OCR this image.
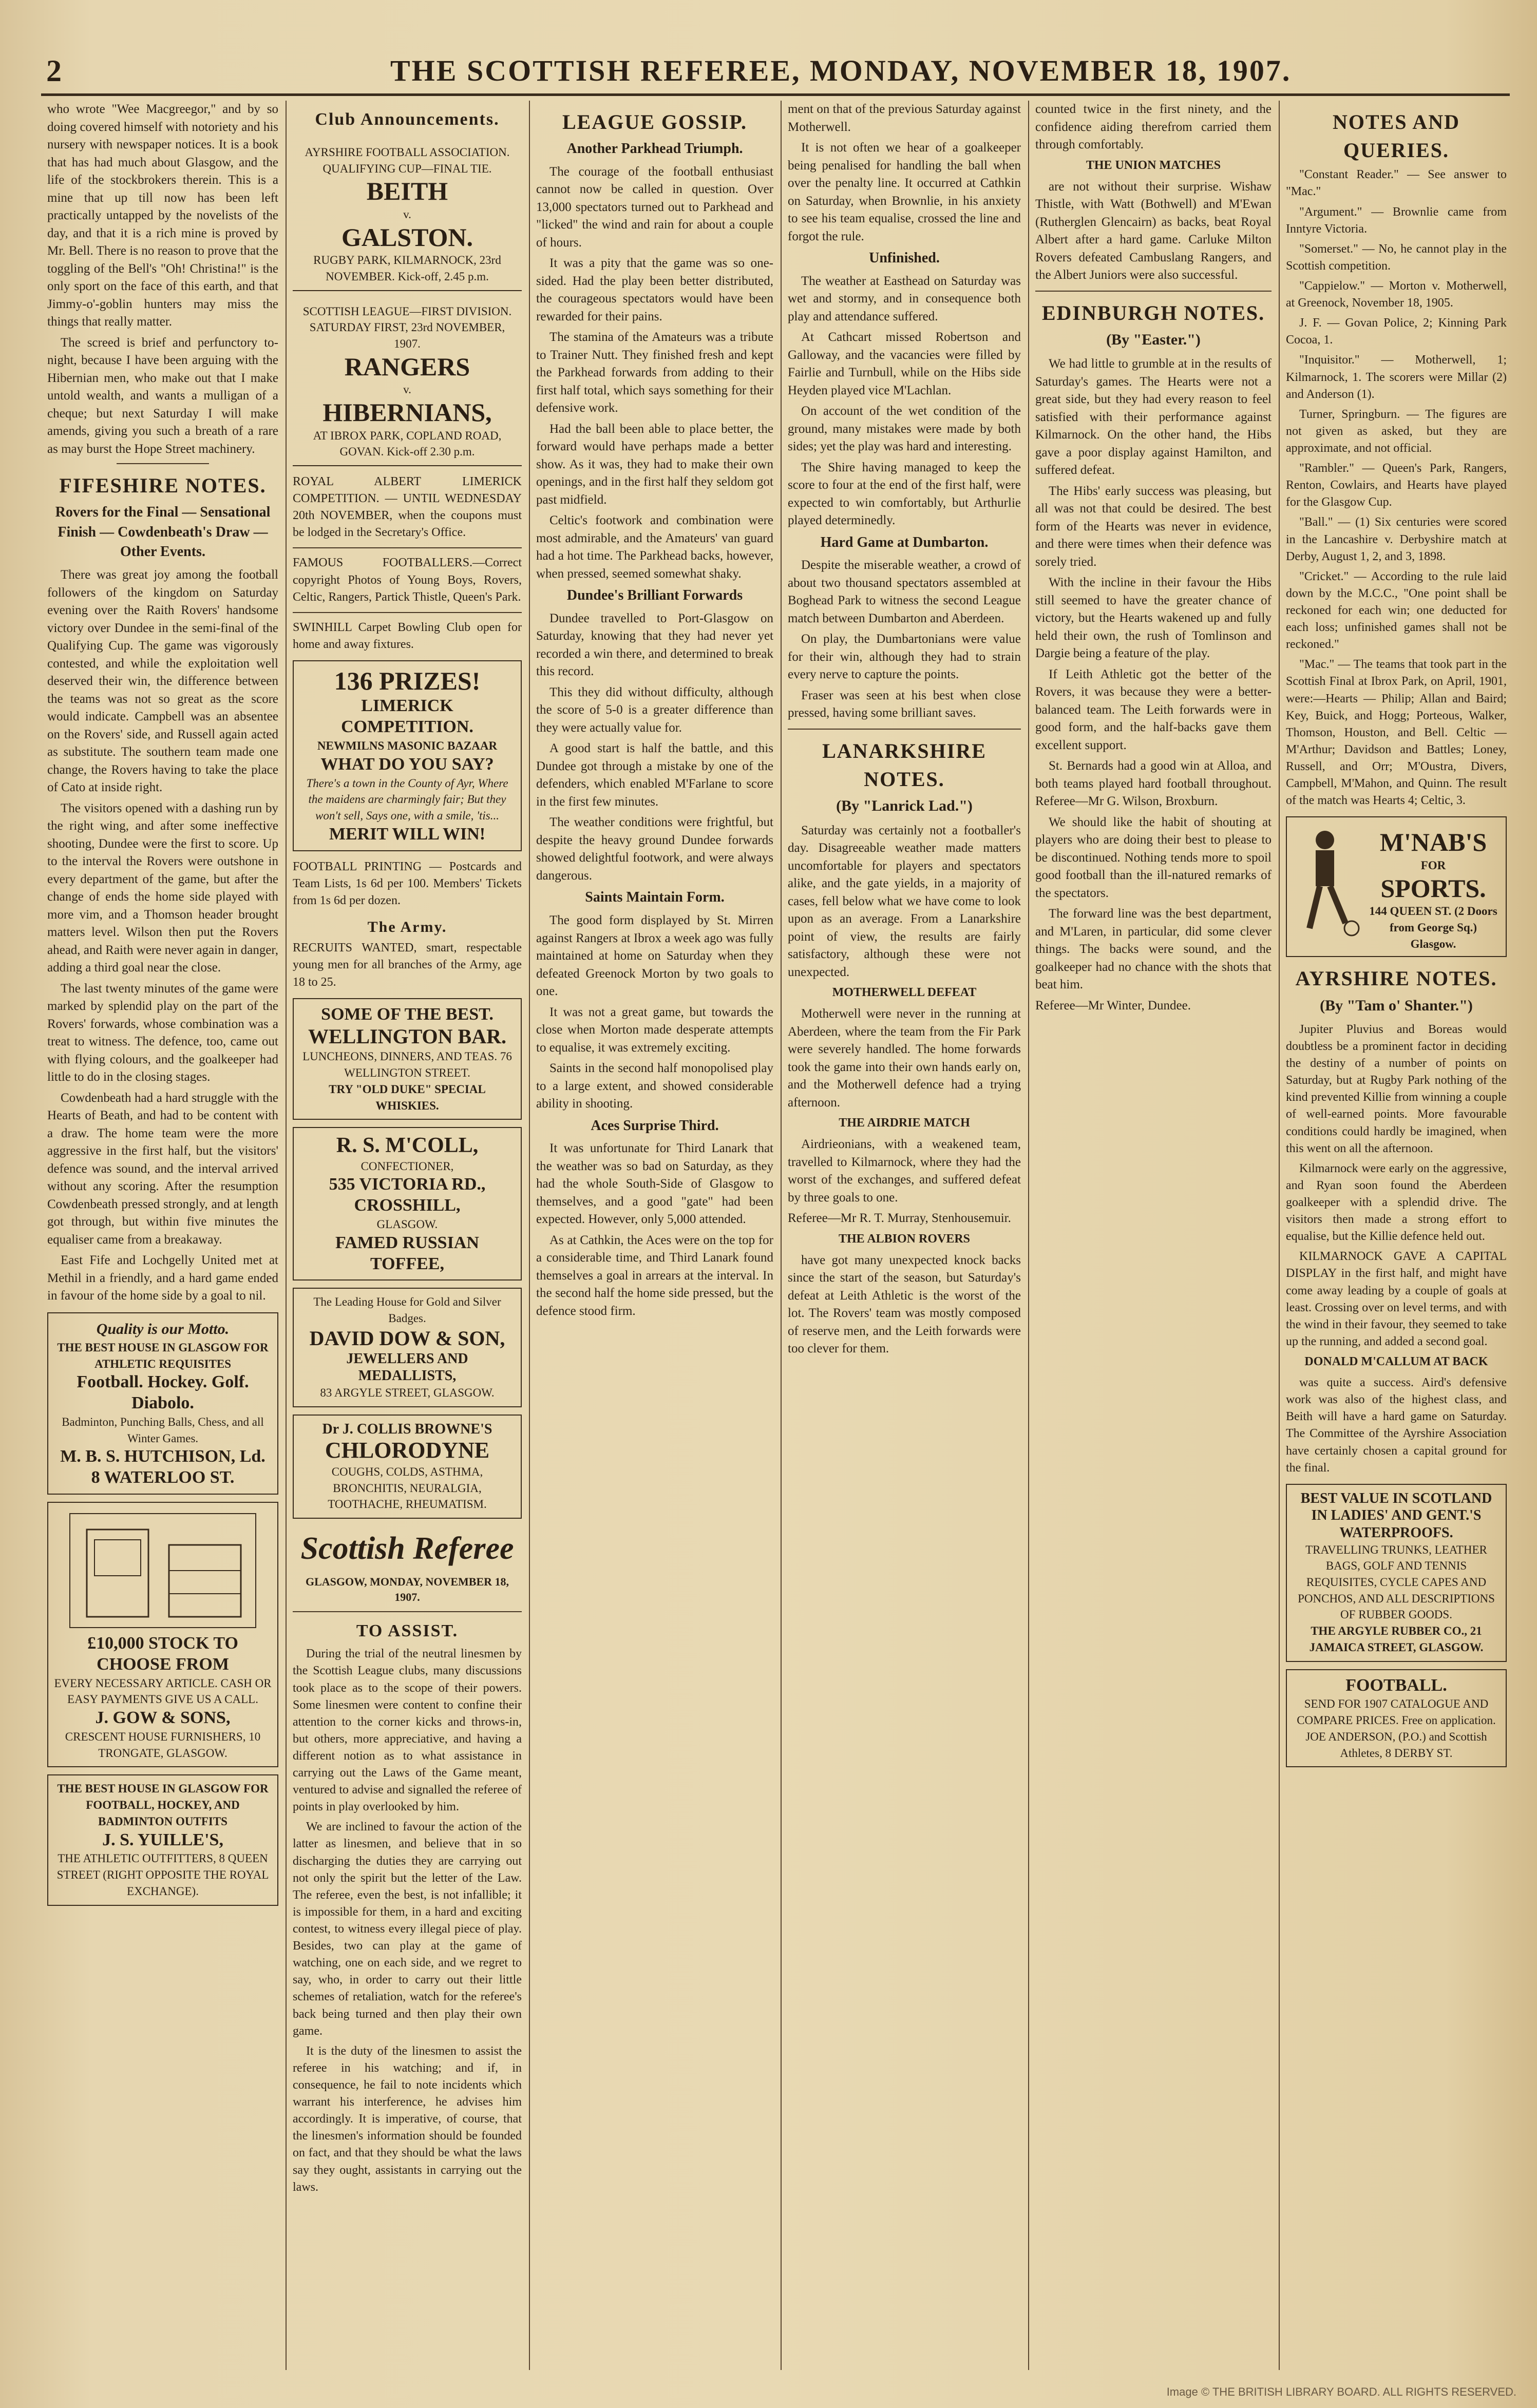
2	THE SCOTTISH REFEREE, MONDAY, NOVEMBER 18, 1907.

who wrote "Wee Macgreegor," and by so doing covered himself with notoriety and his nursery with newspaper notices. It is a book that has had much about Glasgow, and the life of the stockbrokers therein. This is a mine that up till now has been left practically untapped by the novelists of the day, and that it is a rich mine is proved by Mr. Bell. There is no reason to prove that the toggling of the Bell's "Oh! Christina!" is the only sport on the face of this earth, and that Jimmy-o'-goblin hunters may miss the things that really matter.

The screed is brief and perfunctory to-night, because I have been arguing with the Hibernian men, who make out that I make untold wealth, and wants a mulligan of a cheque; but next Saturday I will make amends, giving you such a breath of a rare as may burst the Hope Street machinery.

FIFESHIRE NOTES.
Rovers for the Final — Sensational Finish — Cowdenbeath's Draw — Other Events.

There was great joy among the football followers of the kingdom on Saturday evening over the Raith Rovers' handsome victory over Dundee in the semi-final of the Qualifying Cup. The game was vigorously contested, and while the exploitation well deserved their win, the difference between the teams was not so great as the score would indicate. Campbell was an absentee on the Rovers' side, and Russell again acted as substitute. The southern team made one change, the Rovers having to take the place of Cato at inside right.

The visitors opened with a dashing run by the right wing, and after some ineffective shooting, Dundee were the first to score. Up to the interval the Rovers were outshone in every department of the game, but after the change of ends the home side played with more vim, and a Thomson header brought matters level. Wilson then put the Rovers ahead, and Raith were never again in danger, adding a third goal near the close.

The last twenty minutes of the game were marked by splendid play on the part of the Rovers' forwards, whose combination was a treat to witness. The defence, too, came out with flying colours, and the goalkeeper had little to do in the closing stages.

Cowdenbeath had a hard struggle with the Hearts of Beath, and had to be content with a draw. The home team were the more aggressive in the first half, but the visitors' defence was sound, and the interval arrived without any scoring. After the resumption Cowdenbeath pressed strongly, and at length got through, but within five minutes the equaliser came from a breakaway.

East Fife and Lochgelly United met at Methil in a friendly, and a hard game ended in favour of the home side by a goal to nil.

Quality is our Motto.
THE BEST HOUSE IN GLASGOW FOR ATHLETIC REQUISITES
Football. Hockey. Golf.
Diabolo.
Badminton, Punching Balls, Chess, and all Winter Games.
M. B. S. HUTCHISON, Ld.
8 WATERLOO ST.
£10,000 STOCK TO CHOOSE FROM
EVERY NECESSARY ARTICLE. CASH OR EASY PAYMENTS GIVE US A CALL.
J. GOW & SONS,
CRESCENT HOUSE FURNISHERS, 10 TRONGATE, GLASGOW.
THE BEST HOUSE IN GLASGOW FOR FOOTBALL, HOCKEY, AND BADMINTON OUTFITS
J. S. YUILLE'S,
THE ATHLETIC OUTFITTERS, 8 QUEEN STREET (RIGHT OPPOSITE THE ROYAL EXCHANGE).
Club Announcements.
AYRSHIRE FOOTBALL ASSOCIATION. QUALIFYING CUP—FINAL TIE.
BEITH
v.
GALSTON.
RUGBY PARK, KILMARNOCK, 23rd NOVEMBER. Kick-off, 2.45 p.m.
SCOTTISH LEAGUE—FIRST DIVISION. SATURDAY FIRST, 23rd NOVEMBER, 1907.
RANGERS
v.
HIBERNIANS,
AT IBROX PARK, COPLAND ROAD, GOVAN. Kick-off 2.30 p.m.

ROYAL ALBERT LIMERICK COMPETITION. — UNTIL WEDNESDAY 20th NOVEMBER, when the coupons must be lodged in the Secretary's Office.

FAMOUS FOOTBALLERS.—Correct copyright Photos of Young Boys, Rovers, Celtic, Rangers, Partick Thistle, Queen's Park.

SWINHILL Carpet Bowling Club open for home and away fixtures.

136 PRIZES!
LIMERICK COMPETITION.
NEWMILNS MASONIC BAZAAR
WHAT DO YOU SAY?
There's a town in the County of Ayr, Where the maidens are charmingly fair; But they won't sell, Says one, with a smile, 'tis...
MERIT WILL WIN!

FOOTBALL PRINTING — Postcards and Team Lists, 1s 6d per 100. Members' Tickets from 1s 6d per dozen.

The Army.

RECRUITS WANTED, smart, respectable young men for all branches of the Army, age 18 to 25.

SOME OF THE BEST.
WELLINGTON BAR.
LUNCHEONS, DINNERS, AND TEAS. 76 WELLINGTON STREET.
TRY "OLD DUKE" SPECIAL WHISKIES.
R. S. M'COLL,
CONFECTIONER,
535 VICTORIA RD., CROSSHILL,
GLASGOW.
FAMED RUSSIAN TOFFEE,
The Leading House for Gold and Silver Badges.
DAVID DOW & SON,
JEWELLERS AND MEDALLISTS,
83 ARGYLE STREET, GLASGOW.
Dr J. COLLIS BROWNE'S
CHLORODYNE
COUGHS, COLDS, ASTHMA, BRONCHITIS, NEURALGIA, TOOTHACHE, RHEUMATISM.
Scottish Referee
GLASGOW, MONDAY, NOVEMBER 18, 1907.
TO ASSIST.

During the trial of the neutral linesmen by the Scottish League clubs, many discussions took place as to the scope of their powers. Some linesmen were content to confine their attention to the corner kicks and throws-in, but others, more appreciative, and having a different notion as to what assistance in carrying out the Laws of the Game meant, ventured to advise and signalled the referee of points in play overlooked by him.

We are inclined to favour the action of the latter as linesmen, and believe that in so discharging the duties they are carrying out not only the spirit but the letter of the Law. The referee, even the best, is not infallible; it is impossible for them, in a hard and exciting contest, to witness every illegal piece of play. Besides, two can play at the game of watching, one on each side, and we regret to say, who, in order to carry out their little schemes of retaliation, watch for the referee's back being turned and then play their own game.

It is the duty of the linesmen to assist the referee in his watching; and if, in consequence, he fail to note incidents which warrant his interference, he advises him accordingly. It is imperative, of course, that the linesmen's information should be founded on fact, and that they should be what the laws say they ought, assistants in carrying out the laws.

LEAGUE GOSSIP.
Another Parkhead Triumph.

The courage of the football enthusiast cannot now be called in question. Over 13,000 spectators turned out to Parkhead and "licked" the wind and rain for about a couple of hours.

It was a pity that the game was so one-sided. Had the play been better distributed, the courageous spectators would have been rewarded for their pains.

The stamina of the Amateurs was a tribute to Trainer Nutt. They finished fresh and kept the Parkhead forwards from adding to their first half total, which says something for their defensive work.

Had the ball been able to place better, the forward would have perhaps made a better show. As it was, they had to make their own openings, and in the first half they seldom got past midfield.

Celtic's footwork and combination were most admirable, and the Amateurs' van guard had a hot time. The Parkhead backs, however, when pressed, seemed somewhat shaky.

Dundee's Brilliant Forwards

Dundee travelled to Port-Glasgow on Saturday, knowing that they had never yet recorded a win there, and determined to break this record.

This they did without difficulty, although the score of 5-0 is a greater difference than they were actually value for.

A good start is half the battle, and this Dundee got through a mistake by one of the defenders, which enabled M'Farlane to score in the first few minutes.

The weather conditions were frightful, but despite the heavy ground Dundee forwards showed delightful footwork, and were always dangerous.

Saints Maintain Form.

The good form displayed by St. Mirren against Rangers at Ibrox a week ago was fully maintained at home on Saturday when they defeated Greenock Morton by two goals to one.

It was not a great game, but towards the close when Morton made desperate attempts to equalise, it was extremely exciting.

Saints in the second half monopolised play to a large extent, and showed considerable ability in shooting.

Aces Surprise Third.

It was unfortunate for Third Lanark that the weather was so bad on Saturday, as they had the whole South-Side of Glasgow to themselves, and a good "gate" had been expected. However, only 5,000 attended.

As at Cathkin, the Aces were on the top for a considerable time, and Third Lanark found themselves a goal in arrears at the interval. In the second half the home side pressed, but the defence stood firm.

ment on that of the previous Saturday against Motherwell.

It is not often we hear of a goalkeeper being penalised for handling the ball when over the penalty line. It occurred at Cathkin on Saturday, when Brownlie, in his anxiety to see his team equalise, crossed the line and forgot the rule.

Unfinished.

The weather at Easthead on Saturday was wet and stormy, and in consequence both play and attendance suffered.

At Cathcart missed Robertson and Galloway, and the vacancies were filled by Fairlie and Turnbull, while on the Hibs side Heyden played vice M'Lachlan.

On account of the wet condition of the ground, many mistakes were made by both sides; yet the play was hard and interesting.

The Shire having managed to keep the score to four at the end of the first half, were expected to win comfortably, but Arthurlie played determinedly.

Hard Game at Dumbarton.

Despite the miserable weather, a crowd of about two thousand spectators assembled at Boghead Park to witness the second League match between Dumbarton and Aberdeen.

On play, the Dumbartonians were value for their win, although they had to strain every nerve to capture the points.

Fraser was seen at his best when close pressed, having some brilliant saves.

LANARKSHIRE NOTES.
(By "Lanrick Lad.")

Saturday was certainly not a footballer's day. Disagreeable weather made matters uncomfortable for players and spectators alike, and the gate yields, in a majority of cases, fell below what we have come to look upon as an average. From a Lanarkshire point of view, the results are fairly satisfactory, although these were not unexpected.

MOTHERWELL DEFEAT

Motherwell were never in the running at Aberdeen, where the team from the Fir Park were severely handled. The home forwards took the game into their own hands early on, and the Motherwell defence had a trying afternoon.

THE AIRDRIE MATCH

Airdrieonians, with a weakened team, travelled to Kilmarnock, where they had the worst of the exchanges, and suffered defeat by three goals to one.

Referee—Mr R. T. Murray, Stenhousemuir.

THE ALBION ROVERS

have got many unexpected knock backs since the start of the season, but Saturday's defeat at Leith Athletic is the worst of the lot. The Rovers' team was mostly composed of reserve men, and the Leith forwards were too clever for them.

counted twice in the first ninety, and the confidence aiding therefrom carried them through comfortably.

THE UNION MATCHES

are not without their surprise. Wishaw Thistle, with Watt (Bothwell) and M'Ewan (Rutherglen Glencairn) as backs, beat Royal Albert after a hard game. Carluke Milton Rovers defeated Cambuslang Rangers, and the Albert Juniors were also successful.

EDINBURGH NOTES.
(By "Easter.")

We had little to grumble at in the results of Saturday's games. The Hearts were not a great side, but they had every reason to feel satisfied with their performance against Kilmarnock. On the other hand, the Hibs gave a poor display against Hamilton, and suffered defeat.

The Hibs' early success was pleasing, but all was not that could be desired. The best form of the Hearts was never in evidence, and there were times when their defence was sorely tried.

With the incline in their favour the Hibs still seemed to have the greater chance of victory, but the Hearts wakened up and fully held their own, the rush of Tomlinson and Dargie being a feature of the play.

If Leith Athletic got the better of the Rovers, it was because they were a better-balanced team. The Leith forwards were in good form, and the half-backs gave them excellent support.

St. Bernards had a good win at Alloa, and both teams played hard football throughout. Referee—Mr G. Wilson, Broxburn.

We should like the habit of shouting at players who are doing their best to please to be discontinued. Nothing tends more to spoil good football than the ill-natured remarks of the spectators.

The forward line was the best department, and M'Laren, in particular, did some clever things. The backs were sound, and the goalkeeper had no chance with the shots that beat him.

Referee—Mr Winter, Dundee.

NOTES AND QUERIES.

"Constant Reader." — See answer to "Mac."

"Argument." — Brownlie came from Inntyre Victoria.

"Somerset." — No, he cannot play in the Scottish competition.

"Cappielow." — Morton v. Motherwell, at Greenock, November 18, 1905.

J. F. — Govan Police, 2; Kinning Park Cocoa, 1.

"Inquisitor." — Motherwell, 1; Kilmarnock, 1. The scorers were Millar (2) and Anderson (1).

Turner, Springburn. — The figures are not given as asked, but they are approximate, and not official.

"Rambler." — Queen's Park, Rangers, Renton, Cowlairs, and Hearts have played for the Glasgow Cup.

"Ball." — (1) Six centuries were scored in the Lancashire v. Derbyshire match at Derby, August 1, 2, and 3, 1898.

"Cricket." — According to the rule laid down by the M.C.C., "One point shall be reckoned for each win; one deducted for each loss; unfinished games shall not be reckoned."

"Mac." — The teams that took part in the Scottish Final at Ibrox Park, on April, 1901, were:—Hearts — Philip; Allan and Baird; Key, Buick, and Hogg; Porteous, Walker, Thomson, Houston, and Bell. Celtic — M'Arthur; Davidson and Battles; Loney, Russell, and Orr; M'Oustra, Divers, Campbell, M'Mahon, and Quinn. The result of the match was Hearts 4; Celtic, 3.

M'NAB'S
FOR
SPORTS.
144 QUEEN ST. (2 Doors from George Sq.) Glasgow.
AYRSHIRE NOTES.
(By "Tam o' Shanter.")

Jupiter Pluvius and Boreas would doubtless be a prominent factor in deciding the destiny of a number of points on Saturday, but at Rugby Park nothing of the kind prevented Killie from winning a couple of well-earned points. More favourable conditions could hardly be imagined, when this went on all the afternoon.

Kilmarnock were early on the aggressive, and Ryan soon found the Aberdeen goalkeeper with a splendid drive. The visitors then made a strong effort to equalise, but the Killie defence held out.

KILMARNOCK GAVE A CAPITAL DISPLAY in the first half, and might have come away leading by a couple of goals at least. Crossing over on level terms, and with the wind in their favour, they seemed to take up the running, and added a second goal.

DONALD M'CALLUM AT BACK

was quite a success. Aird's defensive work was also of the highest class, and Beith will have a hard game on Saturday. The Committee of the Ayrshire Association have certainly chosen a capital ground for the final.

BEST VALUE IN SCOTLAND IN LADIES' AND GENT.'S WATERPROOFS.
TRAVELLING TRUNKS, LEATHER BAGS, GOLF AND TENNIS REQUISITES, CYCLE CAPES AND PONCHOS, AND ALL DESCRIPTIONS OF RUBBER GOODS.
THE ARGYLE RUBBER CO., 21 JAMAICA STREET, GLASGOW.
FOOTBALL.
SEND FOR 1907 CATALOGUE AND COMPARE PRICES. Free on application. JOE ANDERSON, (P.O.) and Scottish Athletes, 8 DERBY ST.
Image © THE BRITISH LIBRARY BOARD. ALL RIGHTS RESERVED.
